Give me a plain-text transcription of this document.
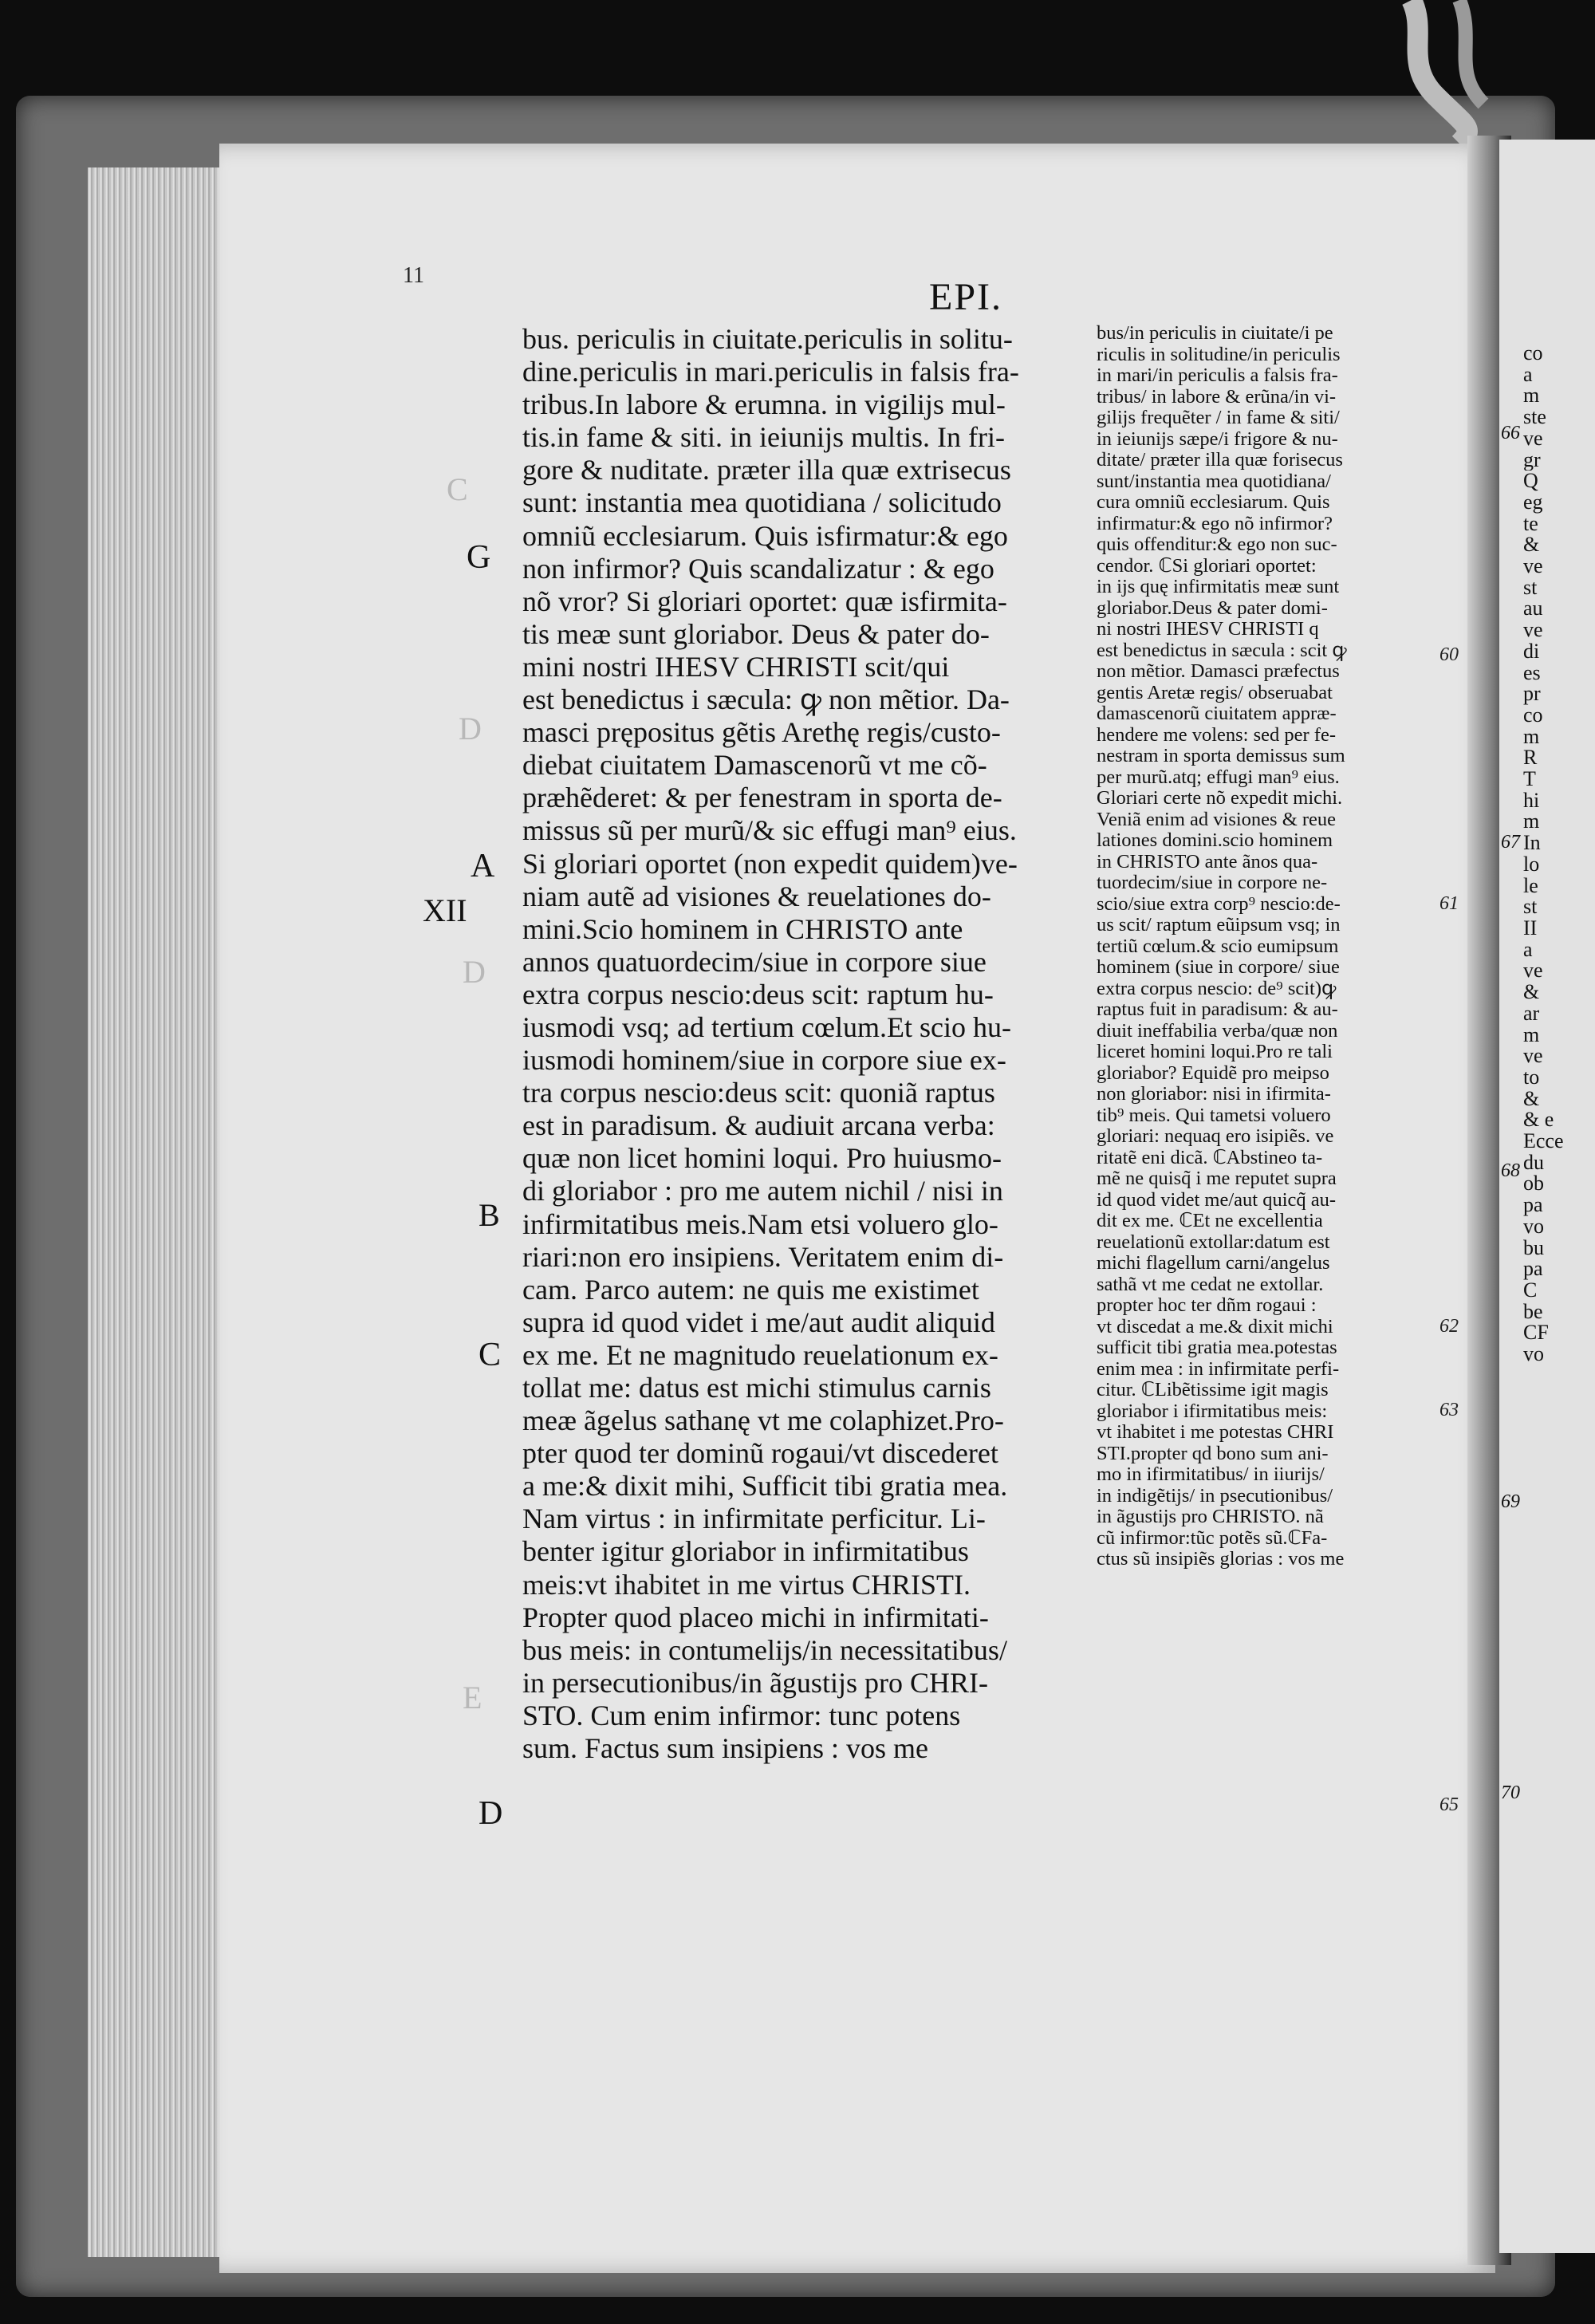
11
EPI.
C
D
D
E
G
A
XII
B
C
D
bus. periculis in ciuitate.periculis in solitu-
dine.periculis in mari.periculis in falsis fra-
tribus.In labore & erumna. in vigilijs mul-
tis.in fame & siti. in ieiunijs multis. In fri-
gore & nuditate. præter illa quæ extrisecus
sunt: instantia mea quotidiana / solicitudo
omniũ ecclesiarum. Quis isfirmatur:& ego
non infirmor? Quis scandalizatur : & ego
nõ vror? Si gloriari oportet: quæ isfirmita-
tis meæ sunt gloriabor. Deus & pater do-
mini nostri IHESV CHRISTI scit/qui
est benedictus i sæcula: ꝙ non mẽtior. Da-
masci prępositus gẽtis Arethę regis/custo-
diebat ciuitatem Damascenorũ vt me cõ-
præhẽderet: & per fenestram in sporta de-
missus sũ per murũ/& sic effugi man⁹ eius.
Si gloriari oportet (non expedit quidem)ve-
niam autẽ ad visiones & reuelationes do-
mini.Scio hominem in CHRISTO ante
annos quatuordecim/siue in corpore siue
extra corpus nescio:deus scit: raptum hu-
iusmodi vsq; ad tertium cœlum.Et scio hu-
iusmodi hominem/siue in corpore siue ex-
tra corpus nescio:deus scit: quoniã raptus
est in paradisum. & audiuit arcana verba:
quæ non licet homini loqui. Pro huiusmo-
di gloriabor : pro me autem nichil / nisi in
infirmitatibus meis.Nam etsi voluero glo-
riari:non ero insipiens. Veritatem enim di-
cam. Parco autem: ne quis me existimet
supra id quod videt i me/aut audit aliquid
ex me. Et ne magnitudo reuelationum ex-
tollat me: datus est michi stimulus carnis
meæ ãgelus sathanę vt me colaphizet.Pro-
pter quod ter dominũ rogaui/vt discederet
a me:& dixit mihi, Sufficit tibi gratia mea.
Nam virtus : in infirmitate perficitur. Li-
benter igitur gloriabor in infirmitatibus
meis:vt ihabitet in me virtus CHRISTI.
Propter quod placeo michi in infirmitati-
bus meis: in contumelijs/in necessitatibus/
in persecutionibus/in ãgustijs pro CHRI-
STO. Cum enim infirmor: tunc potens
sum. Factus sum insipiens : vos me
bus/in periculis in ciuitate/i pe
riculis in solitudine/in periculis
in mari/in periculis a falsis fra-
tribus/ in labore & erũna/in vi-
gilijs frequẽter / in fame & siti/
in ieiunijs sæpe/i frigore & nu-
ditate/ præter illa quæ forisecus
sunt/instantia mea quotidiana/
cura omniũ ecclesiarum. Quis
infirmatur:& ego nõ infirmor?
quis offenditur:& ego non suc-
cendor. ℂSi gloriari oportet:
in ijs quę infirmitatis meæ sunt
gloriabor.Deus & pater domi-
ni nostri IHESV CHRISTI q
est benedictus in sæcula : scit ꝙ
non mẽtior. Damasci præfectus
gentis Aretæ regis/ obseruabat
damascenorũ ciuitatem appræ-
hendere me volens: sed per fe-
nestram in sporta demissus sum
per murũ.atq; effugi man⁹ eius.
Gloriari certe nõ expedit michi.
Veniã enim ad visiones & reue
lationes domini.scio hominem
in CHRISTO ante ãnos qua-
tuordecim/siue in corpore ne-
scio/siue extra corp⁹ nescio:de-
us scit/ raptum eũipsum vsq; in
tertiũ cœlum.& scio eumipsum
hominem (siue in corpore/ siue
extra corpus nescio: de⁹ scit)ꝙ
raptus fuit in paradisum: & au-
diuit ineffabilia verba/quæ non
liceret homini loqui.Pro re tali
gloriabor? Equidẽ pro meipso
non gloriabor: nisi in ifirmita-
tib⁹ meis. Qui tametsi voluero
gloriari: nequaq ero isipiẽs. ve
ritatẽ eni dicã. ℂAbstineo ta-
mẽ ne quisq̃ i me reputet supra
id quod videt me/aut quicq̃ au-
dit ex me. ℂEt ne excellentia
reuelationũ extollar:datum est
michi flagellum carni/angelus
sathã vt me cedat ne extollar.
propter hoc ter dñm rogaui :
vt discedat a me.& dixit michi
sufficit tibi gratia mea.potestas
enim mea : in infirmitate perfi-
citur. ℂLibẽtissime igit magis
gloriabor i ifirmitatibus meis:
vt ihabitet i me potestas CHRI
STI.propter qd bono sum ani-
mo in ifirmitatibus/ in iiurijs/
in indigẽtijs/ in psecutionibus/
in ãgustijs pro CHRISTO. nã
cũ infirmor:tũc potẽs sũ.ℂFa-
ctus sũ insipiẽs glorias : vos me
60
61
62
63
65
co
a
m
ste
ve
gr
Q
eg
te
&
ve
st
au
ve
di
es
pr
co
m
R
T
hi
m
In
lo
le
st
II
a
ve
&
ar
m
ve
to
&
& e
Ecce
du
ob
pa
vo
bu
pa
C
be
CF
vo
66
67
68
69
70
